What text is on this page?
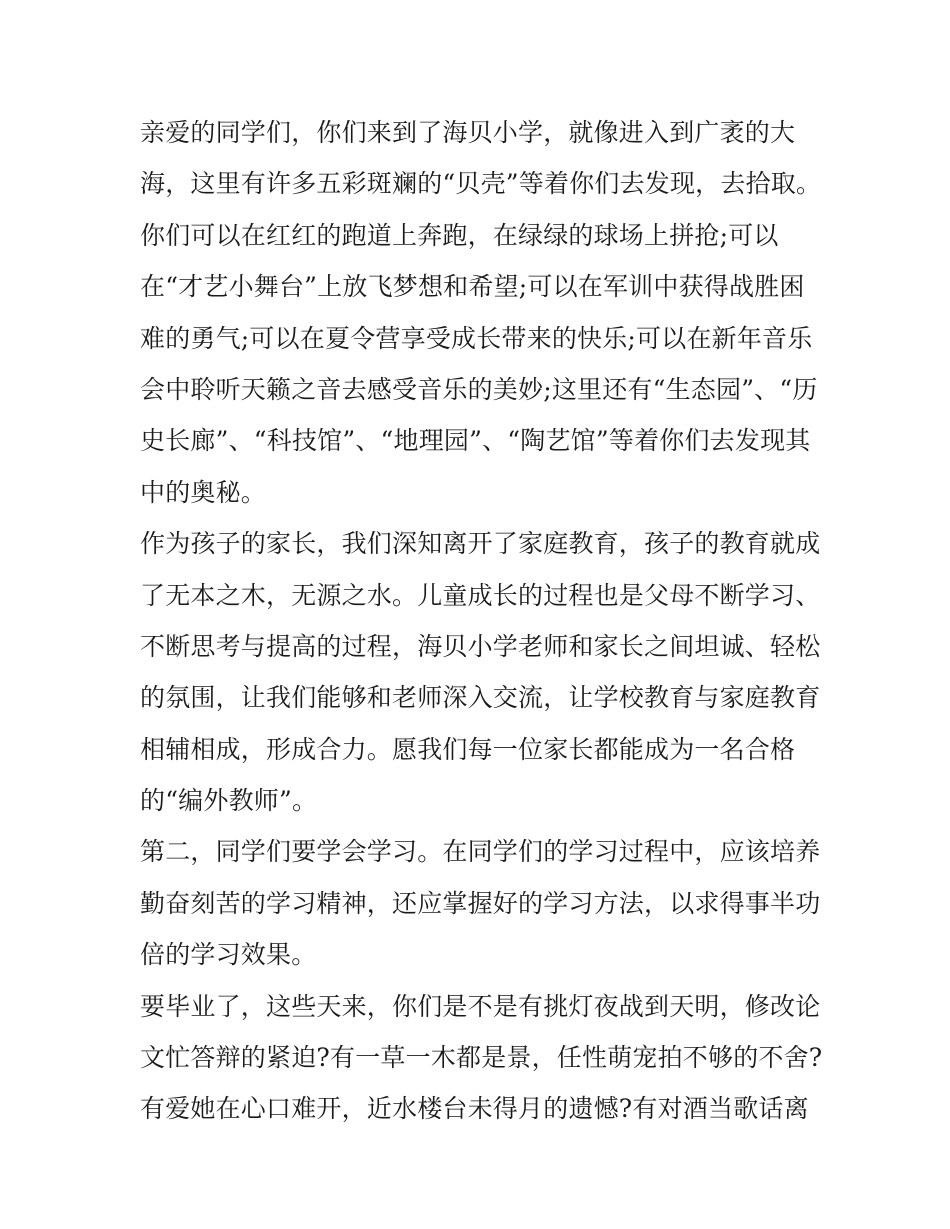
亲爱的同学们，你们来到了海贝小学，就像进入到广袤的大
海，这里有许多五彩斑斓的“贝壳”等着你们去发现，去拾取。
你们可以在红红的跑道上奔跑，在绿绿的球场上拼抢;可以
在“才艺小舞台”上放飞梦想和希望;可以在军训中获得战胜困
难的勇气;可以在夏令营享受成长带来的快乐;可以在新年音乐
会中聆听天籁之音去感受音乐的美妙;这里还有“生态园”、“历
史长廊”、“科技馆”、“地理园”、“陶艺馆”等着你们去发现其
中的奥秘。
作为孩子的家长，我们深知离开了家庭教育，孩子的教育就成
了无本之木，无源之水。儿童成长的过程也是父母不断学习、
不断思考与提高的过程，海贝小学老师和家长之间坦诚、轻松
的氛围，让我们能够和老师深入交流，让学校教育与家庭教育
相辅相成，形成合力。愿我们每一位家长都能成为一名合格
的“编外教师”。
第二，同学们要学会学习。在同学们的学习过程中，应该培养
勤奋刻苦的学习精神，还应掌握好的学习方法，以求得事半功
倍的学习效果。
要毕业了，这些天来，你们是不是有挑灯夜战到天明，修改论
文忙答辩的紧迫?有一草一木都是景，任性萌宠拍不够的不舍?
有爱她在心口难开，近水楼台未得月的遗憾?有对酒当歌话离
